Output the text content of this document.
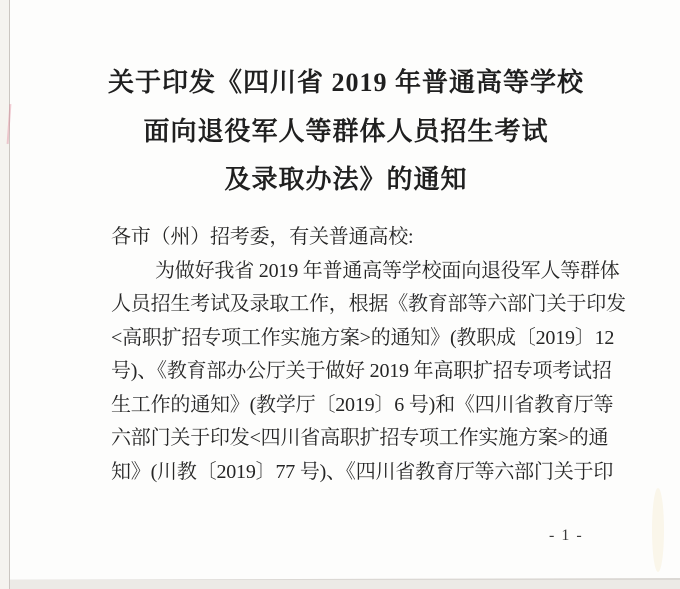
关于印发《四川省 2019 年普通高等学校
面向退役军人等群体人员招生考试
及录取办法》的通知
各市（州）招考委，有关普通高校:
为做好我省 2019 年普通高等学校面向退役军人等群体
人员招生考试及录取工作，根据《教育部等六部门关于印发
<高职扩招专项工作实施方案>的通知》(教职成〔2019〕12
号)、《教育部办公厅关于做好 2019 年高职扩招专项考试招
生工作的通知》(教学厅〔2019〕6 号)和《四川省教育厅等
六部门关于印发<四川省高职扩招专项工作实施方案>的通
知》(川教〔2019〕77 号)、《四川省教育厅等六部门关于印
- 1 -
